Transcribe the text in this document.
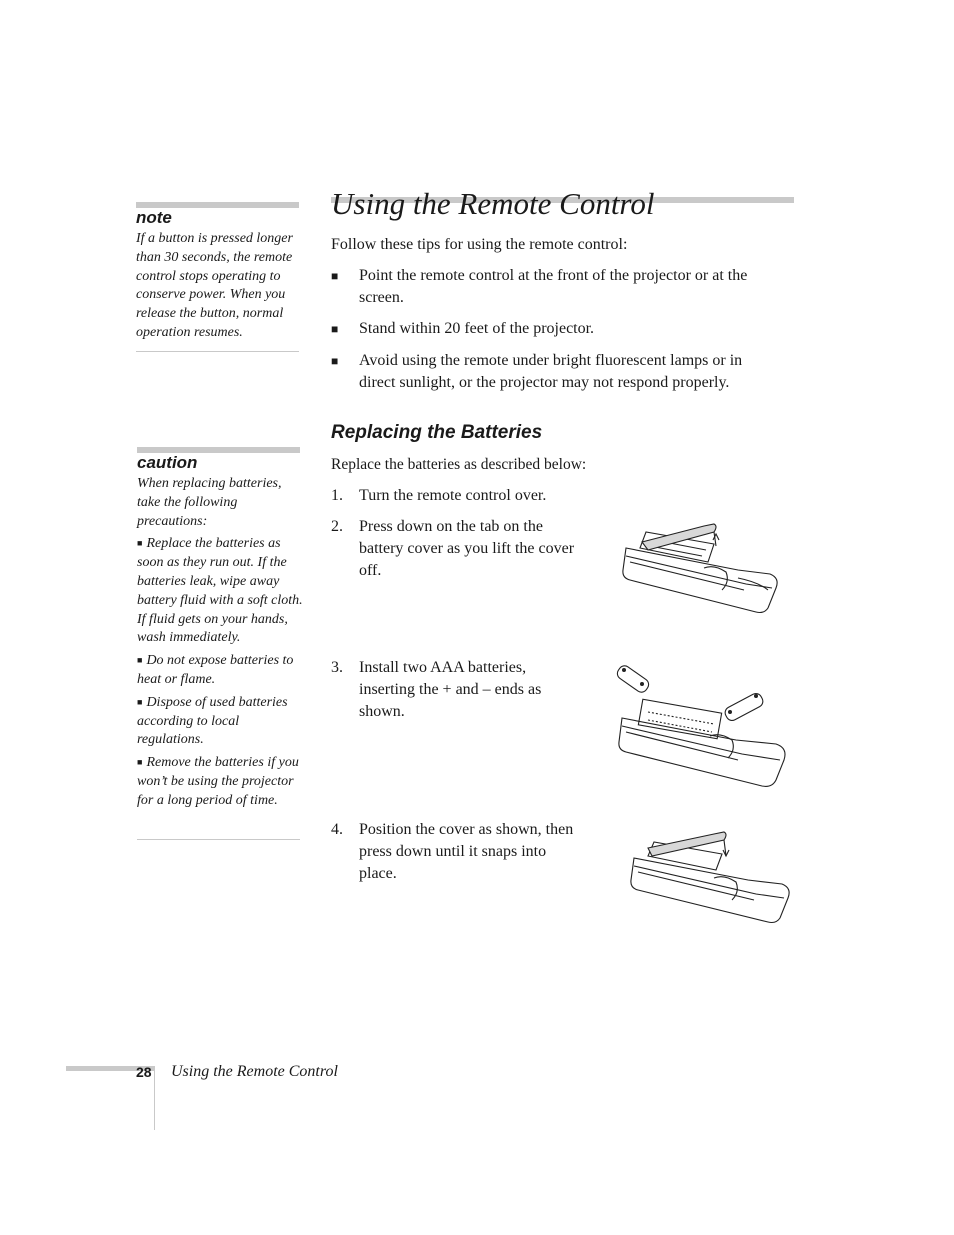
note
If a button is pressed longer than 30 seconds, the remote control stops operating to conserve power. When you release the button, normal operation resumes.
caution

When replacing batteries, take the following precautions:

■ Replace the batteries as soon as they run out. If the batteries leak, wipe away battery fluid with a soft cloth. If fluid gets on your hands, wash immediately.

■ Do not expose batteries to heat or flame.

■ Dispose of used batteries according to local regulations.

■ Remove the batteries if you won’t be using the projector for a long period of time.

Using the Remote Control
Follow these tips for using the remote control:
■	Point the remote control at the front of the projector or at the screen.
■	Stand within 20 feet of the projector.
■	Avoid using the remote under bright fluorescent lamps or in direct sunlight, or the projector may not respond properly.
Replacing the Batteries
Replace the batteries as described below:
1.	Turn the remote control over.
2.	Press down on the tab on the battery cover as you lift the cover off.
3.	Install two AAA batteries, inserting the + and – ends as shown.
4.	Position the cover as shown, then press down until it snaps into place.
28 Using the Remote Control
